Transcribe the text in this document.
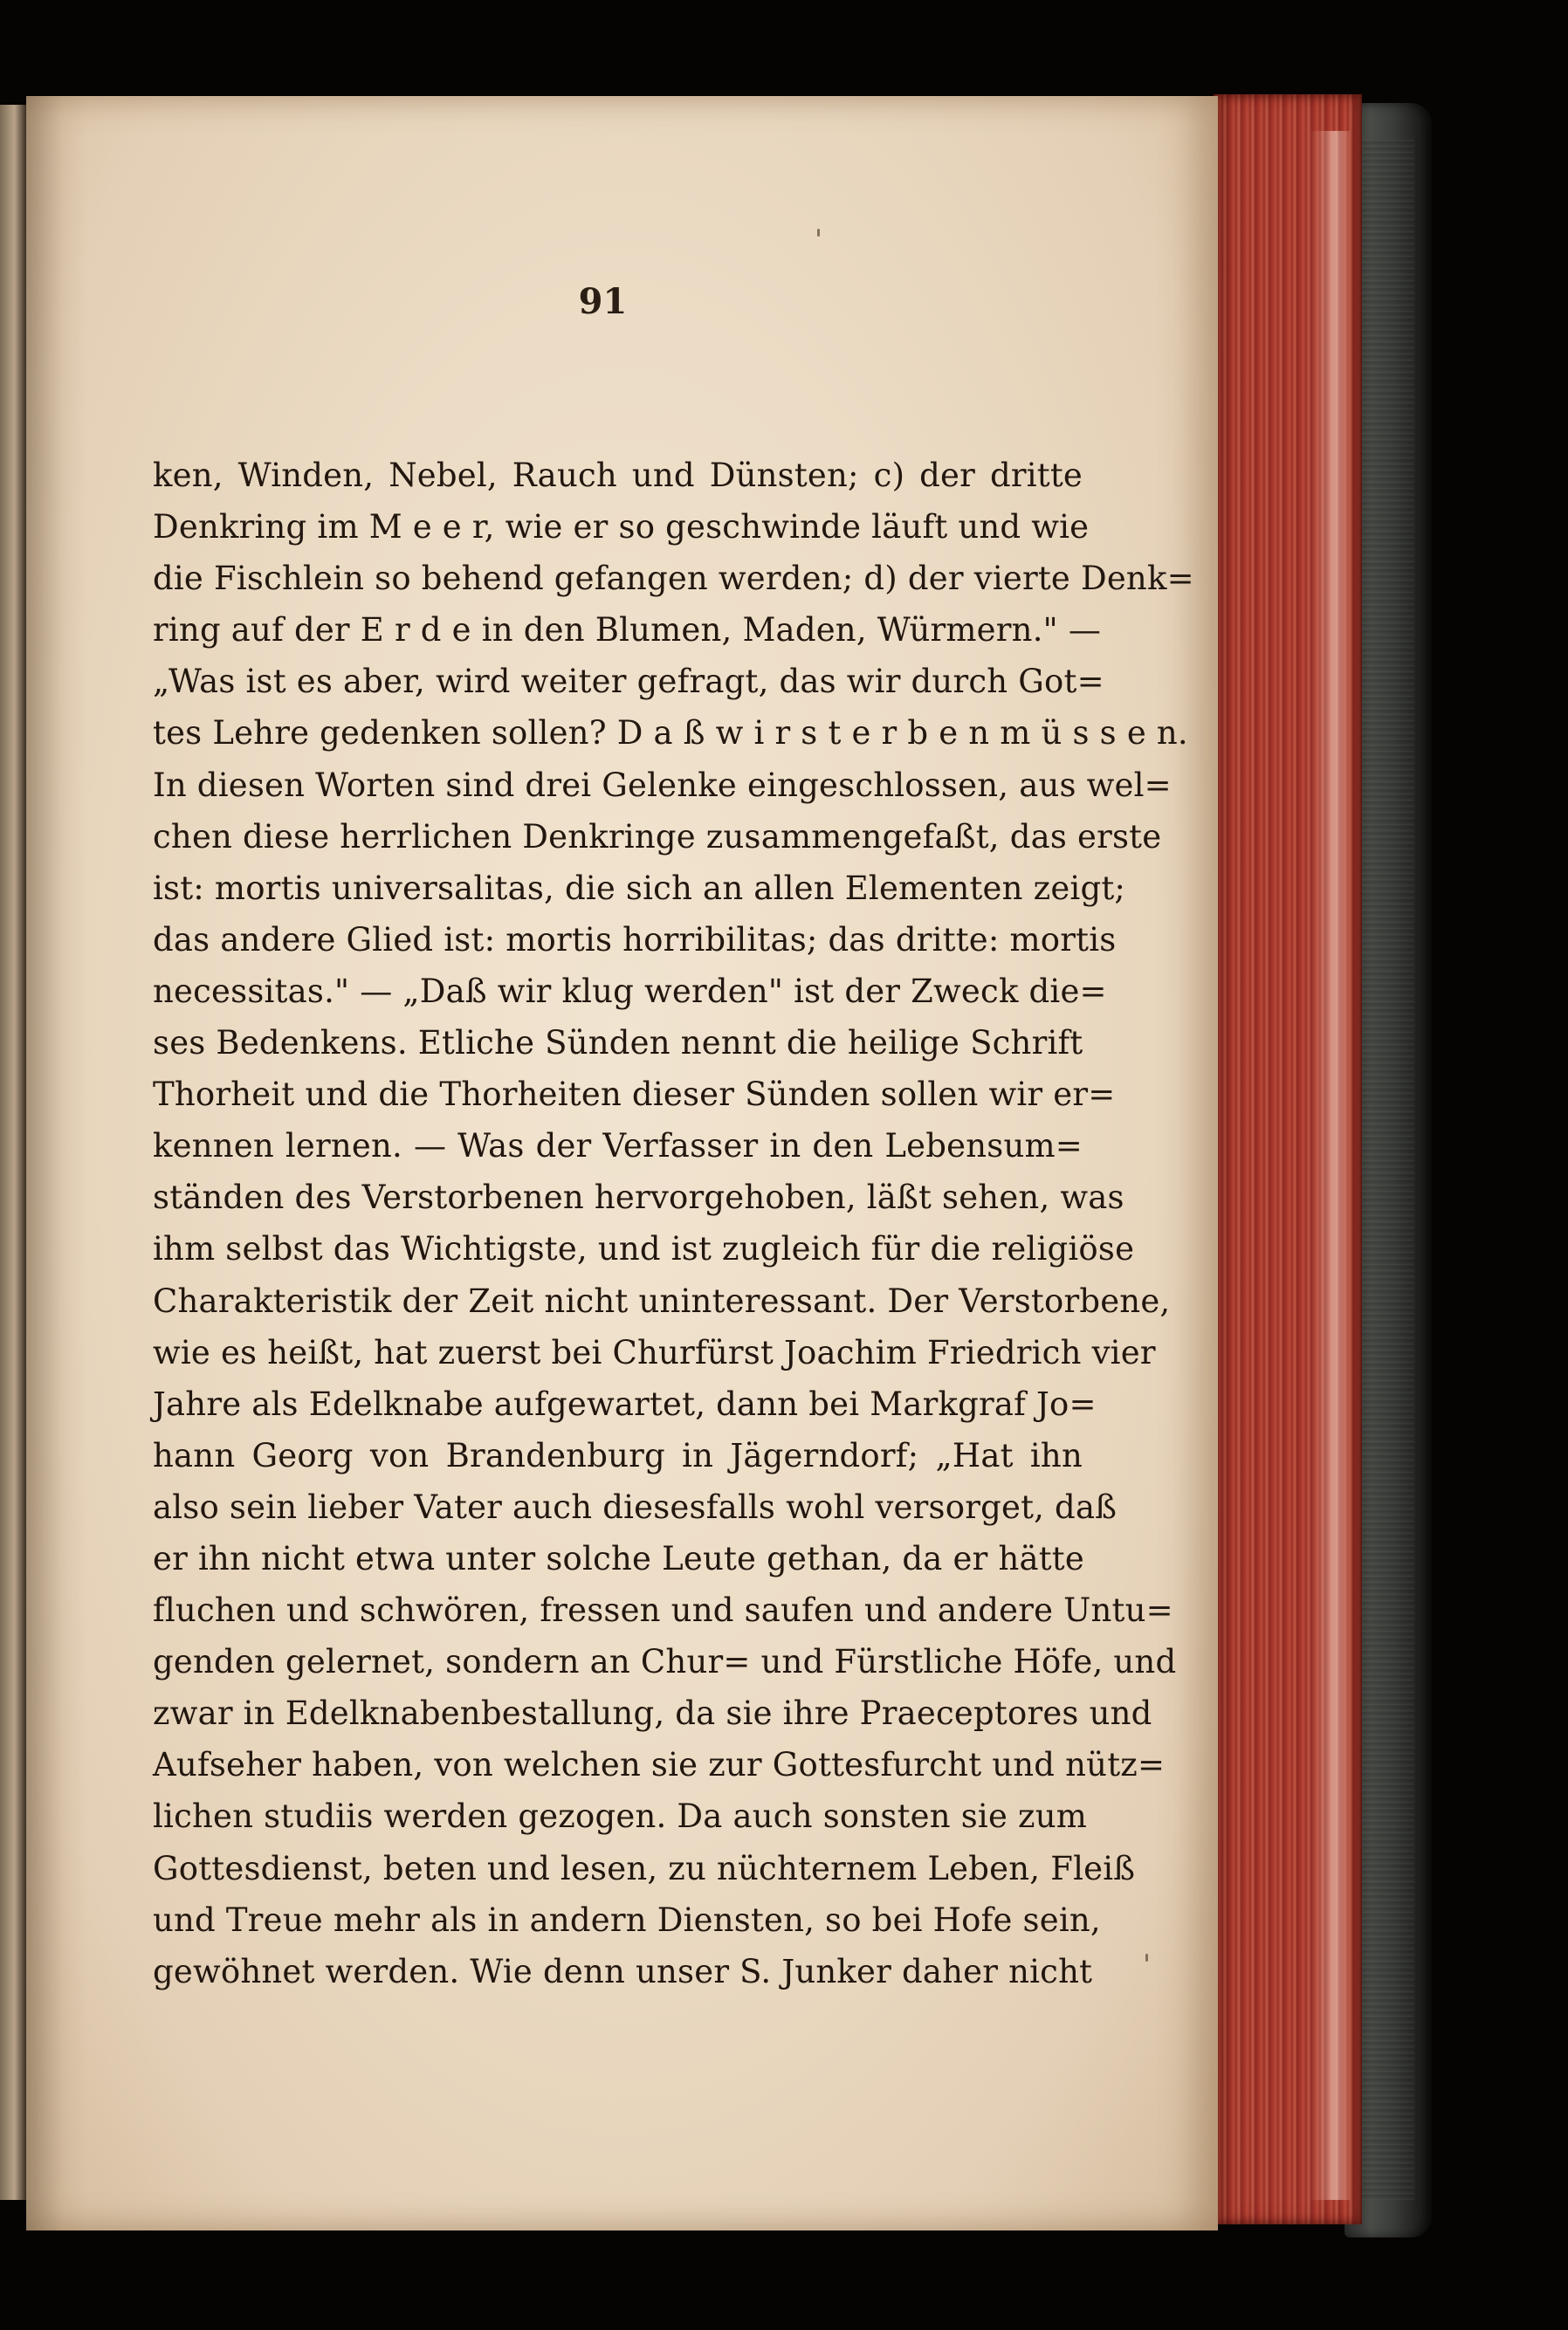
91
ken, Winden, Nebel, Rauch und Dünsten; c) der dritte
Denkring im M e e r, wie er so geschwinde läuft und wie
die Fischlein so behend gefangen werden; d) der vierte Denk=
ring auf der E r d e in den Blumen, Maden, Würmern." —
„Was ist es aber, wird weiter gefragt, das wir durch Got=
tes Lehre gedenken sollen? D a ß w i r s t e r b e n m ü s s e n.
In diesen Worten sind drei Gelenke eingeschlossen, aus wel=
chen diese herrlichen Denkringe zusammengefaßt, das erste
ist: mortis universalitas, die sich an allen Elementen zeigt;
das andere Glied ist: mortis horribilitas; das dritte: mortis
necessitas." — „Daß wir klug werden" ist der Zweck die=
ses Bedenkens. Etliche Sünden nennt die heilige Schrift
Thorheit und die Thorheiten dieser Sünden sollen wir er=
kennen lernen. — Was der Verfasser in den Lebensum=
ständen des Verstorbenen hervorgehoben, läßt sehen, was
ihm selbst das Wichtigste, und ist zugleich für die religiöse
Charakteristik der Zeit nicht uninteressant. Der Verstorbene,
wie es heißt, hat zuerst bei Churfürst Joachim Friedrich vier
Jahre als Edelknabe aufgewartet, dann bei Markgraf Jo=
hann Georg von Brandenburg in Jägerndorf; „Hat ihn
also sein lieber Vater auch diesesfalls wohl versorget, daß
er ihn nicht etwa unter solche Leute gethan, da er hätte
fluchen und schwören, fressen und saufen und andere Untu=
genden gelernet, sondern an Chur= und Fürstliche Höfe, und
zwar in Edelknabenbestallung, da sie ihre Praeceptores und
Aufseher haben, von welchen sie zur Gottesfurcht und nütz=
lichen studiis werden gezogen. Da auch sonsten sie zum
Gottesdienst, beten und lesen, zu nüchternem Leben, Fleiß
und Treue mehr als in andern Diensten, so bei Hofe sein,
gewöhnet werden. Wie denn unser S. Junker daher nicht
